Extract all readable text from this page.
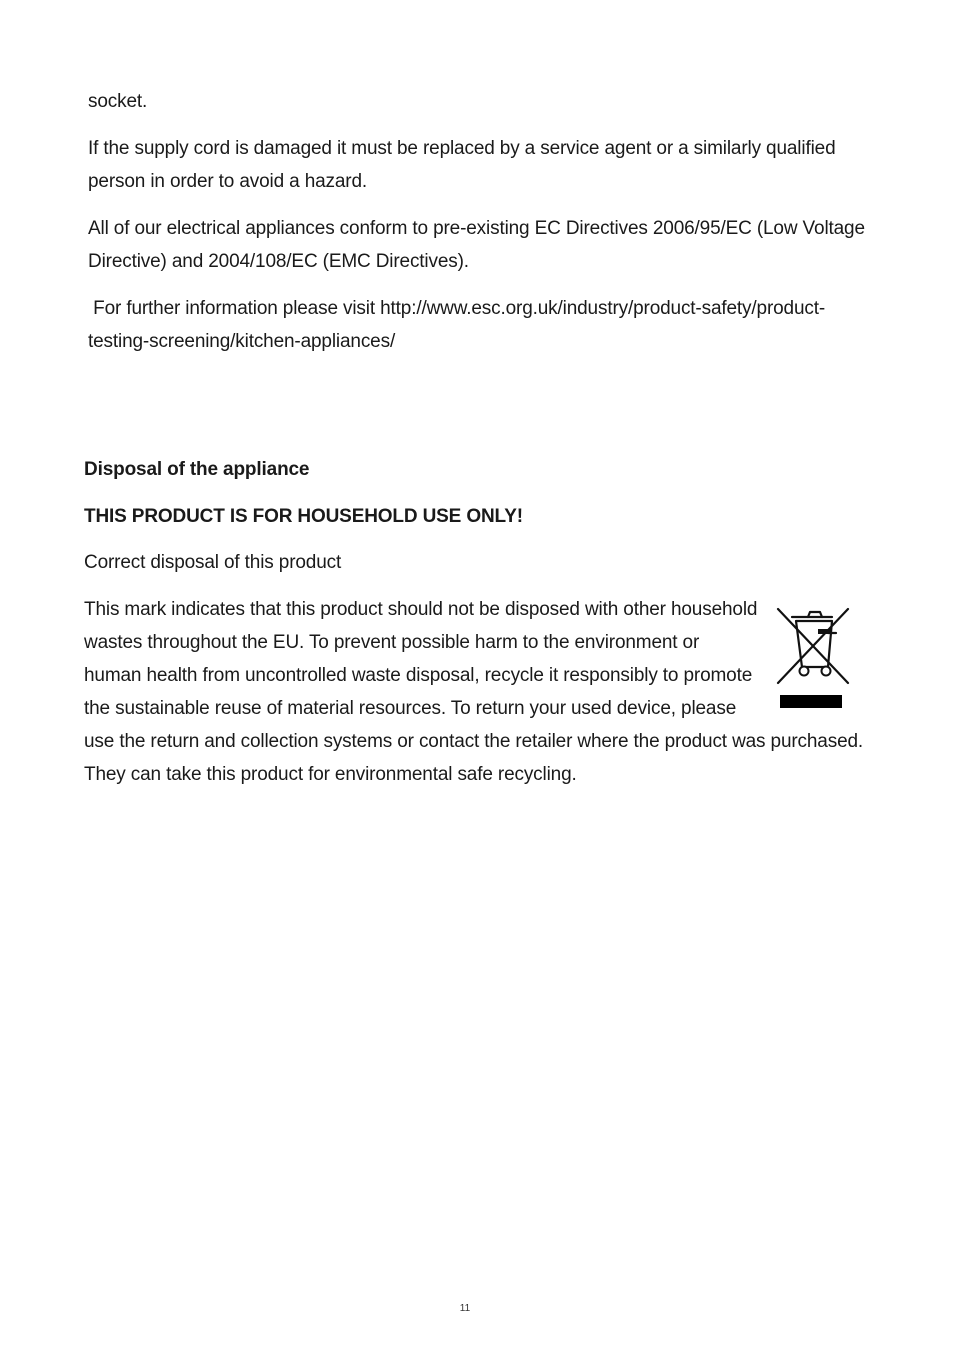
socket.

If the supply cord is damaged it must be replaced by a service agent or a similarly qualified person in order to avoid a hazard.

All of our electrical appliances conform to pre-existing EC Directives 2006/95/EC (Low Voltage Directive) and 2004/108/EC (EMC Directives).

For further information please visit http://www.esc.org.uk/industry/product-safety/product-testing-screening/kitchen-appliances/

Disposal of the appliance

THIS PRODUCT IS FOR HOUSEHOLD USE ONLY!

Correct disposal of this product

This mark indicates that this product should not be disposed with other household wastes throughout the EU. To prevent possible harm to the environment or human health from uncontrolled waste disposal, recycle it responsibly to promote the sustainable reuse of material resources. To return your used device, please use the return and collection systems or contact the retailer where the product was purchased. They can take this product for environmental safe recycling.
11
